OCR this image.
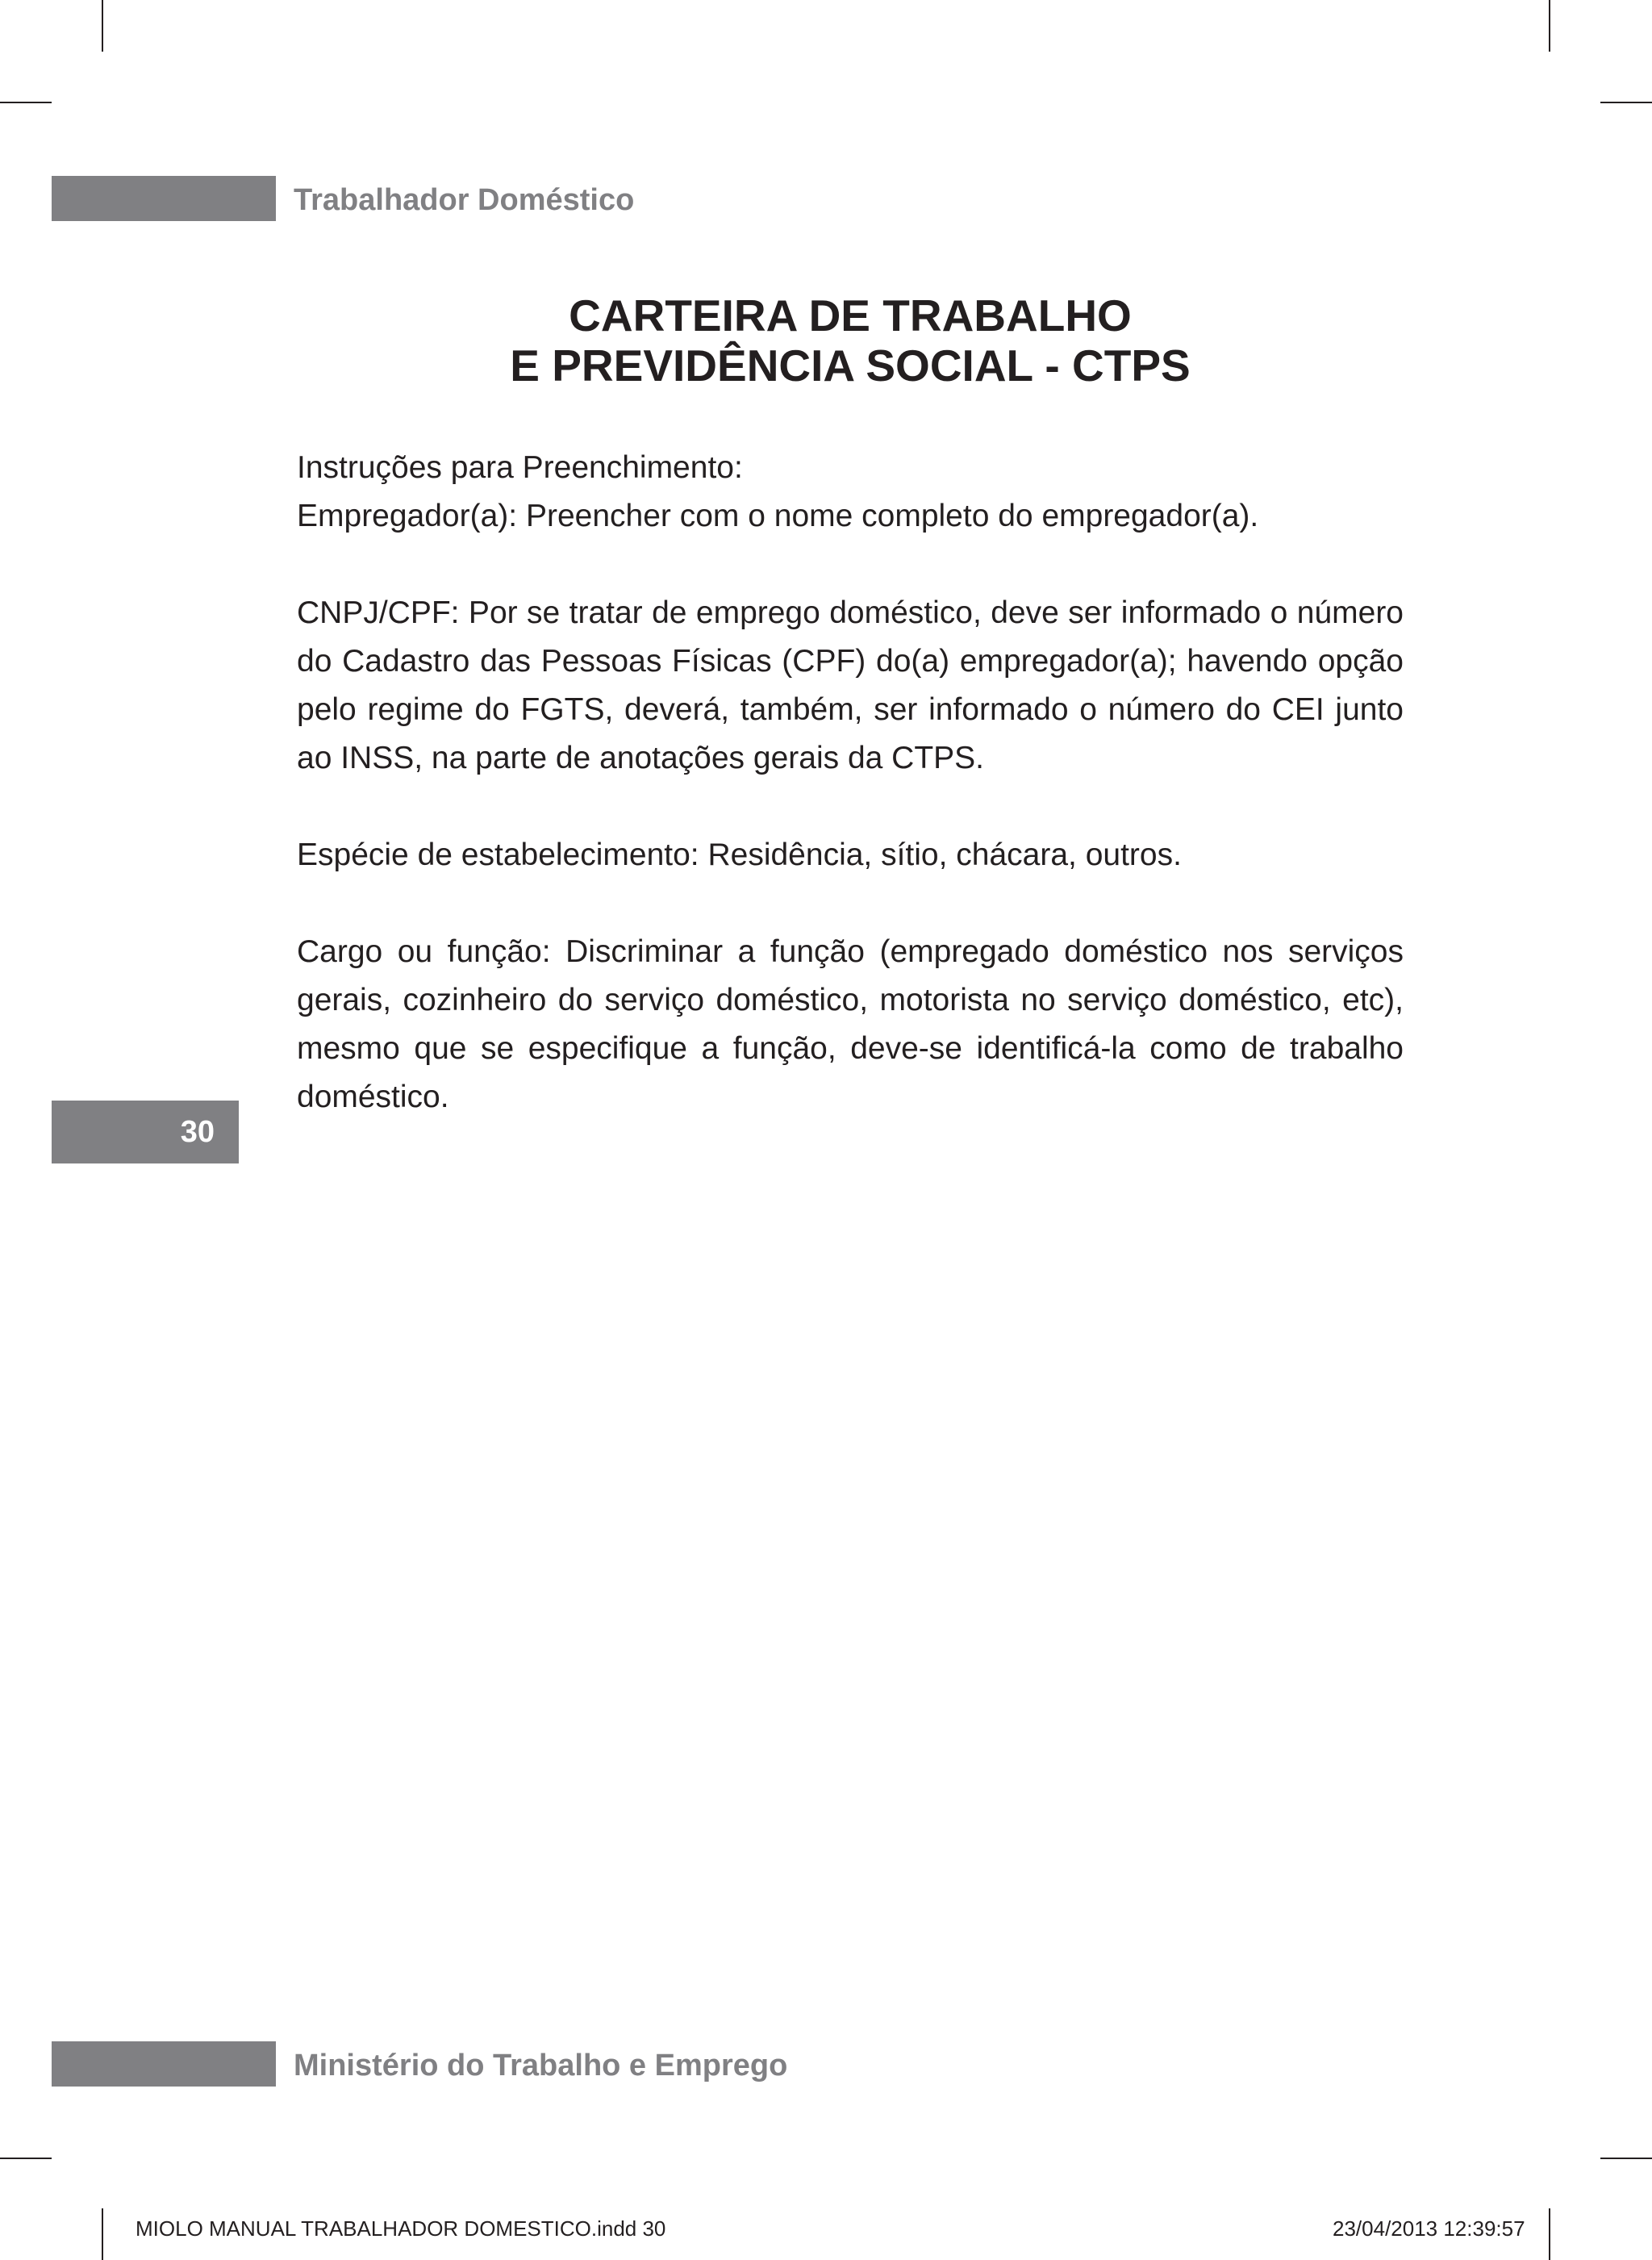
Trabalhador Doméstico
CARTEIRA DE TRABALHO
E PREVIDÊNCIA SOCIAL - CTPS

Instruções para Preenchimento:

Empregador(a): Preencher com o nome completo do empregador(a).

CNPJ/CPF: Por se tratar de emprego doméstico, deve ser informado o número do Cadastro das Pessoas Físicas (CPF) do(a) empregador(a); havendo opção pelo regime do FGTS, deverá, também, ser informado o número do CEI junto ao INSS, na parte de anotações gerais da CTPS.

Espécie de estabelecimento: Residência, sítio, chácara, outros.

Cargo ou função: Discriminar a função (empregado doméstico nos serviços gerais, cozinheiro do serviço doméstico, motorista no serviço doméstico, etc), mesmo que se especifique a função, deve-se identificá-la como de trabalho doméstico.

30
Ministério do Trabalho e Emprego
MIOLO MANUAL TRABALHADOR DOMESTICO.indd 30	23/04/2013 12:39:57
